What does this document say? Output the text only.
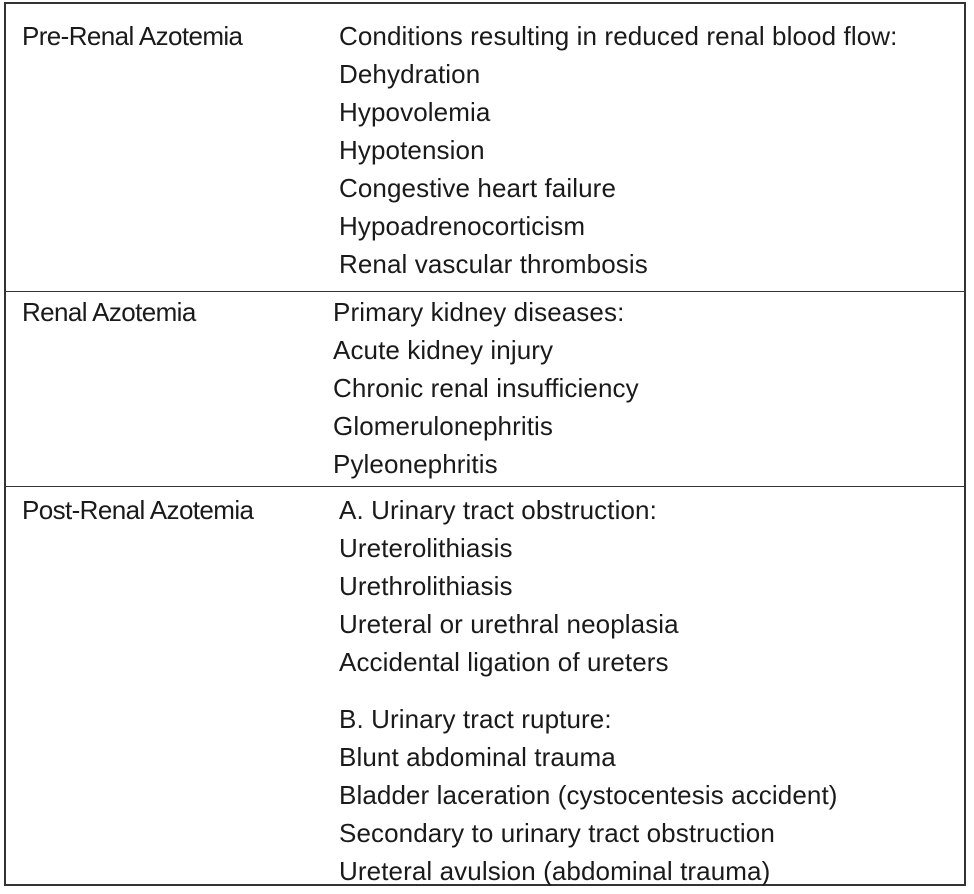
Pre-Renal Azotemia	Conditions resulting in reduced renal blood flow:
Dehydration
Hypovolemia
Hypotension
Congestive heart failure
Hypoadrenocorticism
Renal vascular thrombosis
Renal Azotemia	Primary kidney diseases:
Acute kidney injury
Chronic renal insufficiency
Glomerulonephritis
Pyleonephritis
Post-Renal Azotemia	A. Urinary tract obstruction:
Ureterolithiasis
Urethrolithiasis
Ureteral or urethral neoplasia
Accidental ligation of ureters
B. Urinary tract rupture:
Blunt abdominal trauma
Bladder laceration (cystocentesis accident)
Secondary to urinary tract obstruction
Ureteral avulsion (abdominal trauma)
